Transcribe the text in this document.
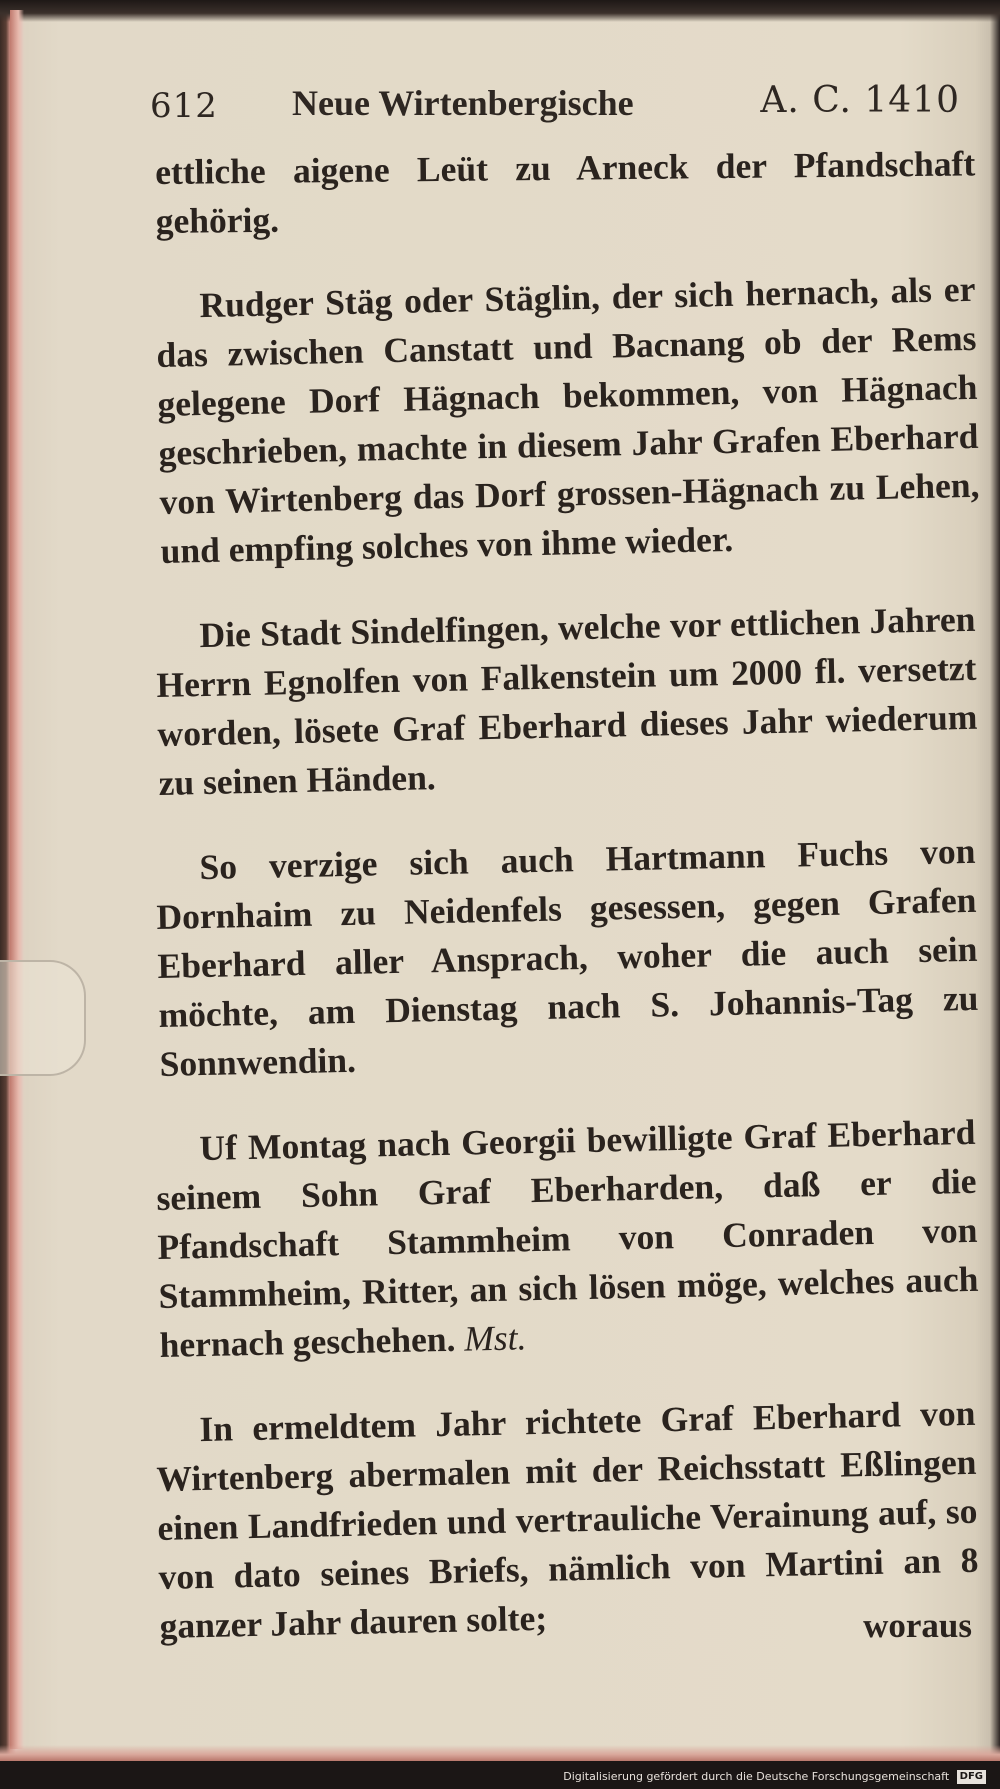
612 Neue Wirtenbergische	A. C. 1410

ettliche aigene Leüt zu Arneck der Pfandschaft gehörig.

Rudger Stäg oder Stäglin, der sich hernach, als er das zwischen Canstatt und Bacnang ob der Rems gelegene Dorf Hägnach bekommen, von Hägnach geschrieben, machte in diesem Jahr Grafen Eberhard von Wirtenberg das Dorf grossen-Hägnach zu Lehen, und empfing solches von ihme wieder.

Die Stadt Sindelfingen, welche vor ettlichen Jahren Herrn Egnolfen von Falkenstein um 2000 fl. versetzt worden, lösete Graf Eberhard dieses Jahr wiederum zu seinen Händen.

So verzige sich auch Hartmann Fuchs von Dornhaim zu Neidenfels gesessen, gegen Grafen Eberhard aller Ansprach, woher die auch sein möchte, am Dienstag nach S. Johannis-Tag zu Sonnwendin.

Uf Montag nach Georgii bewilligte Graf Eberhard seinem Sohn Graf Eberharden, daß er die Pfandschaft Stammheim von Conraden von Stammheim, Ritter, an sich lösen möge, welches auch hernach geschehen. Mst.

In ermeldtem Jahr richtete Graf Eberhard von Wirtenberg abermalen mit der Reichsstatt Eßlingen einen Landfrieden und vertrauliche Verainung auf, so von dato seines Briefs, nämlich von Martini an 8 ganzer Jahr dauren solte;	woraus
Digitalisierung gefördert durch die Deutsche Forschungsgemeinschaft DFG
